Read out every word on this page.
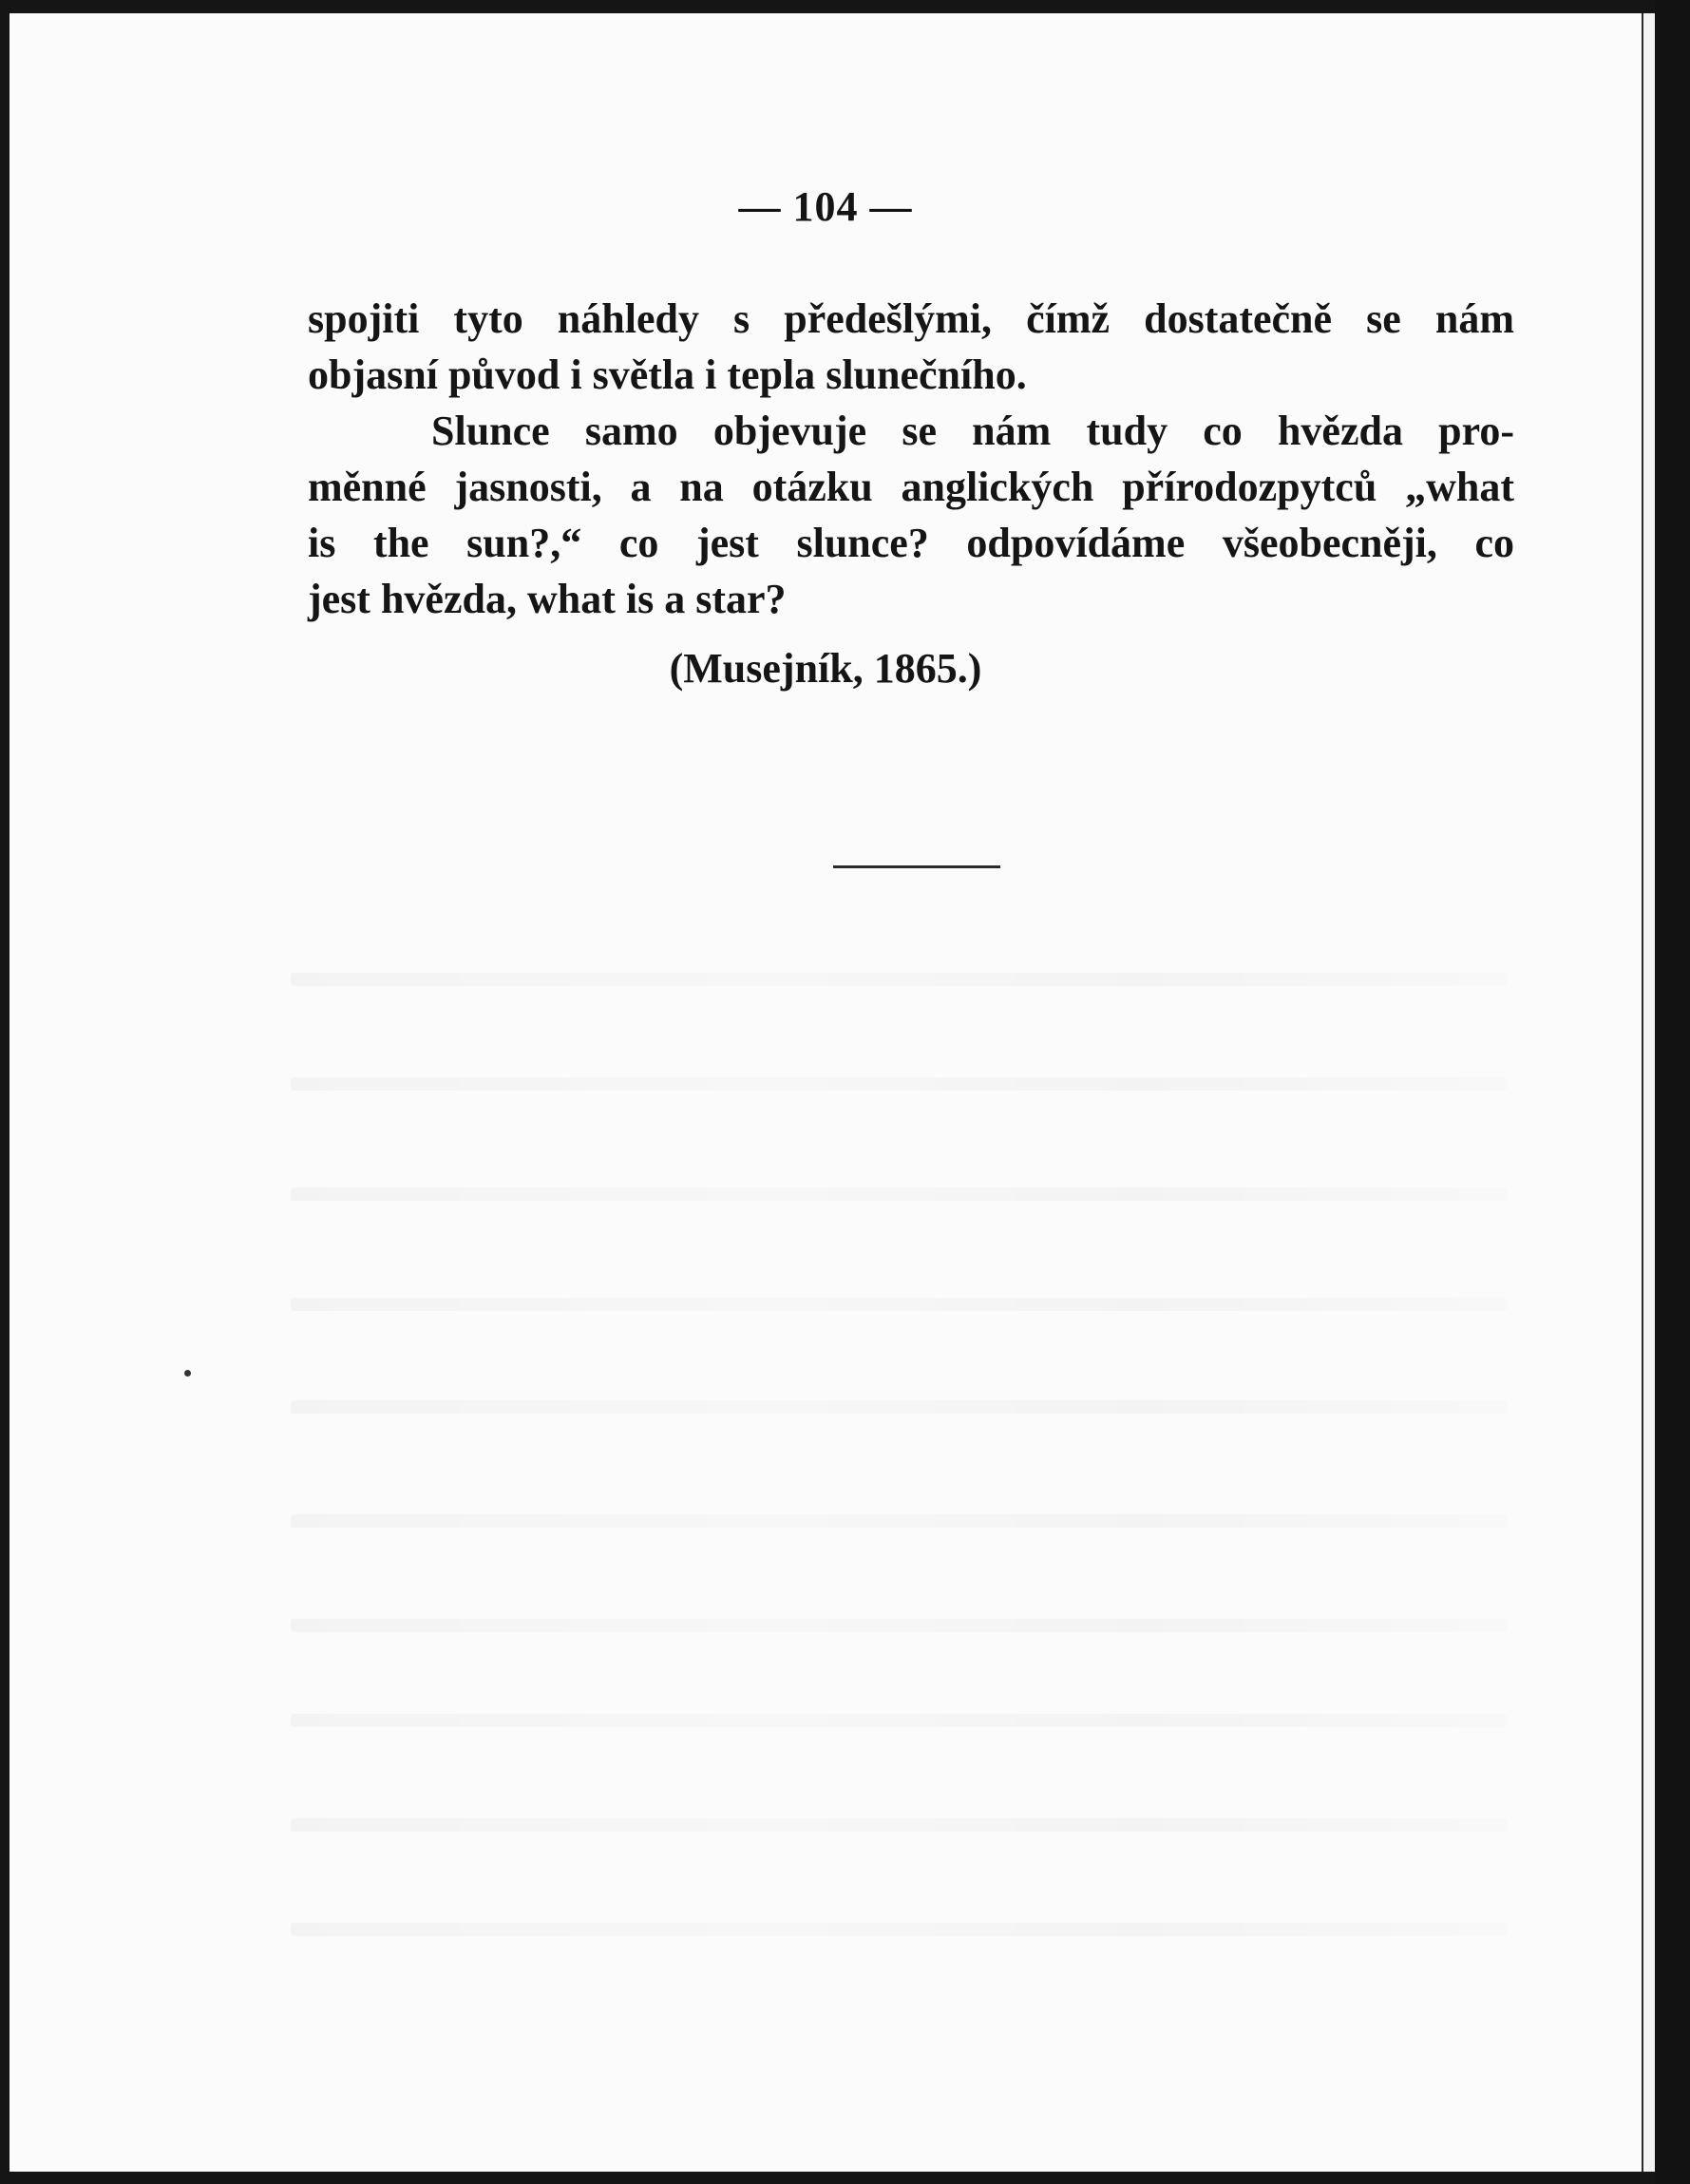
— 104 —
spojiti tyto náhledy s předešlými, čímž dostatečně se nám
objasní původ i světla i tepla slunečního.
Slunce samo objevuje se nám tudy co hvězda pro-
měnné jasnosti, a na otázku anglických přírodozpytců „what
is the sun?,“ co jest slunce? odpovídáme všeobecněji, co
jest hvězda, what is a star?
(Musejník, 1865.)
